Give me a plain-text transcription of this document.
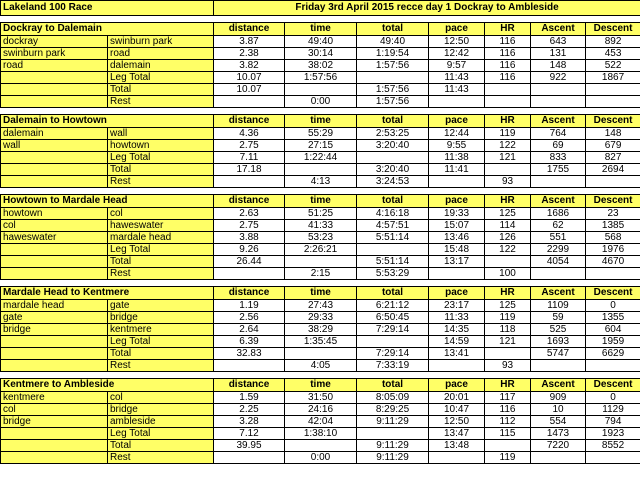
Lakeland 100 Race		Friday 3rd April 2015 recce day 1 Dockray to Ambleside						

Dockray to Dalemain		distance	time	total	pace	HR	Ascent	Descent
dockray	swinburn park	3.87	49:40	49:40	12:50	116	643	892
swinburn park	road	2.38	30:14	1:19:54	12:42	116	131	453
road	dalemain	3.82	38:02	1:57:56	9:57	116	148	522
	Leg Total	10.07	1:57:56		11:43	116	922	1867
	Total	10.07		1:57:56	11:43			
	Rest		0:00	1:57:56				

Dalemain to Howtown		distance	time	total	pace	HR	Ascent	Descent
dalemain	wall	4.36	55:29	2:53:25	12:44	119	764	148
wall	howtown	2.75	27:15	3:20:40	9:55	122	69	679
	Leg Total	7.11	1:22:44		11:38	121	833	827
	Total	17.18		3:20:40	11:41		1755	2694
	Rest		4:13	3:24:53		93		

Howtown to Mardale Head		distance	time	total	pace	HR	Ascent	Descent
howtown	col	2.63	51:25	4:16:18	19:33	125	1686	23
col	haweswater	2.75	41:33	4:57:51	15:07	114	62	1385
haweswater	mardale head	3.88	53:23	5:51:14	13:46	126	551	568
	Leg Total	9.26	2:26:21		15:48	122	2299	1976
	Total	26.44		5:51:14	13:17		4054	4670
	Rest		2:15	5:53:29		100		

Mardale Head to Kentmere		distance	time	total	pace	HR	Ascent	Descent
mardale head	gate	1.19	27:43	6:21:12	23:17	125	1109	0
gate	bridge	2.56	29:33	6:50:45	11:33	119	59	1355
bridge	kentmere	2.64	38:29	7:29:14	14:35	118	525	604
	Leg Total	6.39	1:35:45		14:59	121	1693	1959
	Total	32.83		7:29:14	13:41		5747	6629
	Rest		4:05	7:33:19		93		

Kentmere to Ambleside		distance	time	total	pace	HR	Ascent	Descent
kentmere	col	1.59	31:50	8:05:09	20:01	117	909	0
col	bridge	2.25	24:16	8:29:25	10:47	116	10	1129
bridge	ambleside	3.28	42:04	9:11:29	12:50	112	554	794
	Leg Total	7.12	1:38:10		13:47	115	1473	1923
	Total	39.95		9:11:29	13:48		7220	8552
	Rest		0:00	9:11:29		119		
